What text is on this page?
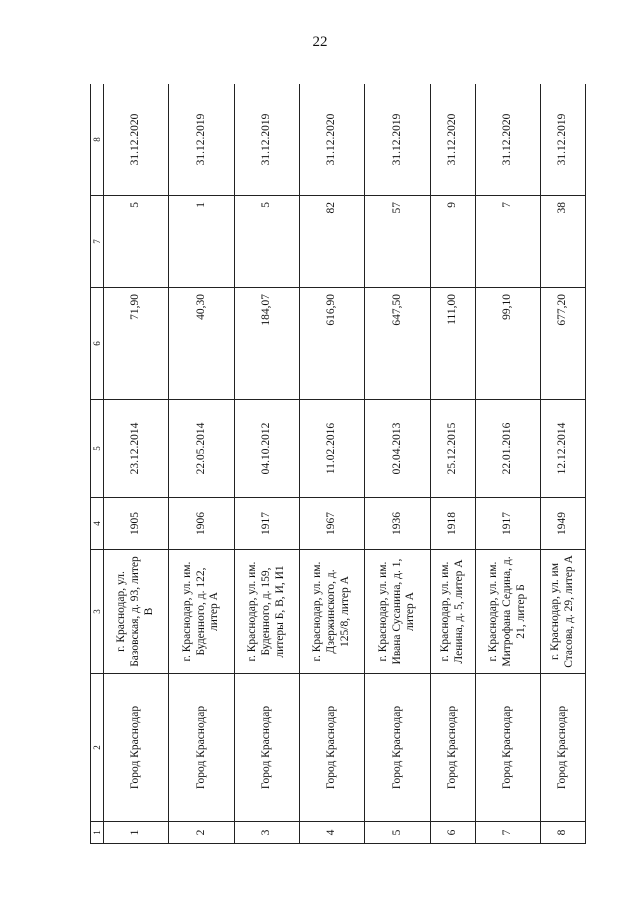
22
1	2	3	4	5	6	7	8
1	Город Краснодар	г. Краснодар, ул. Базовская, д. 93, литер В	1905	23.12.2014	71,90	5	31.12.2020
2	Город Краснодар	г. Краснодар, ул. им. Буденного, д. 122, литер А	1906	22.05.2014	40,30	1	31.12.2019
3	Город Краснодар	г. Краснодар, ул. им. Буденного, д. 159, литеры Б, В, И, И1	1917	04.10.2012	184,07	5	31.12.2019
4	Город Краснодар	г. Краснодар, ул. им. Дзержинского, д. 125/8, литер А	1967	11.02.2016	616,90	82	31.12.2020
5	Город Краснодар	г. Краснодар, ул. им. Ивана Сусанина, д. 1, литер А	1936	02.04.2013	647,50	57	31.12.2019
6	Город Краснодар	г. Краснодар, ул. им. Ленина, д. 5, литер А	1918	25.12.2015	111,00	9	31.12.2020
7	Город Краснодар	г. Краснодар, ул. им. Митрофана Седина, д. 21, литер Б	1917	22.01.2016	99,10	7	31.12.2020
8	Город Краснодар	г. Краснодар, ул. им Стасова, д. 29, литер А	1949	12.12.2014	677,20	38	31.12.2019
